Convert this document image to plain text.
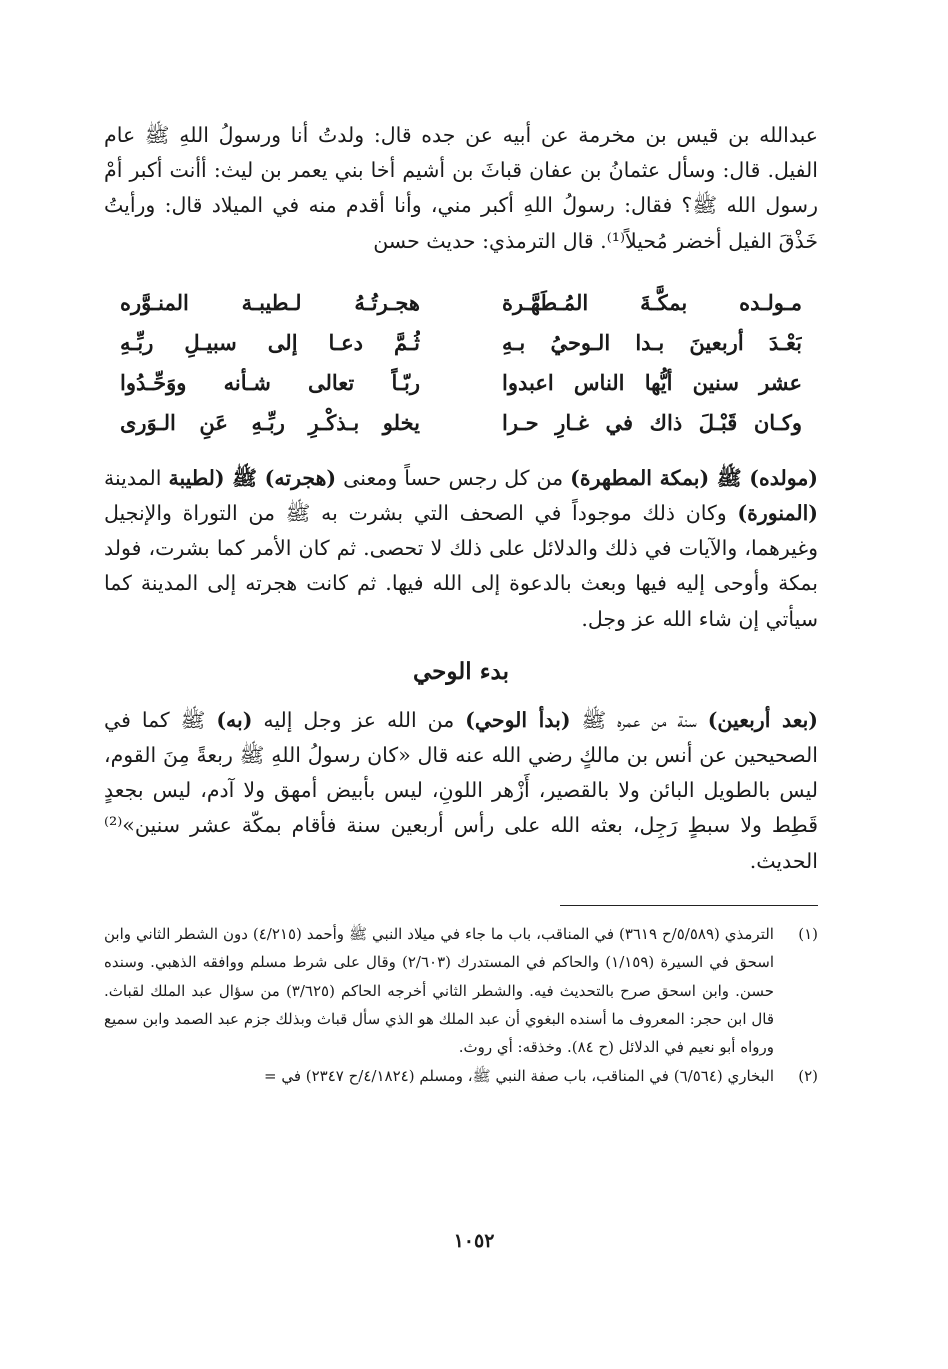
عبدالله بن قيس بن مخرمة عن أبيه عن جده قال: ولدتُ أنا ورسولُ اللهِ ﷺ عام الفيل. قال: وسأل عثمانُ بن عفان قباثَ بن أشيم أخا بني يعمر بن ليث: أأنت أكبر أمْ رسول الله ﷺ؟ فقال: رسولُ اللهِ أكبر مني، وأنا أقدم منه في الميلاد قال: ورأيتُ خَذْقَ الفيل أخضر مُحيلاً⁽¹⁾. قال الترمذي: حديث حسن

مـولـده بمكَّـةَ المُـطَهَّـرة
هجـرتُـهُ لـطيبـة المنـوَّره
بَعْـدَ أربعينَ بـدا الـوحيُ بـهِ
ثُـمَّ دعـا إلى سبيـلِ ربِّـهِ
عشر سنين أيُّها الناس اعبدوا
ربّـاً تعالى شـأنه ووَحِّـدُوا
وكـان قَبْـلَ ذاك في غـارِ حـرا
يخلو بـذكْـرِ ربِّـهِ عَنِ الـوَرى

(مولده) ﷺ (بمكة المطهرة) من كل رجس حساً ومعنى (هجرته) ﷺ (لطيبة المدينة (المنورة) وكان ذلك موجوداً في الصحف التي بشرت به ﷺ من التوراة والإنجيل وغيرهما، والآيات في ذلك والدلائل على ذلك لا تحصى. ثم كان الأمر كما بشرت، فولد بمكة وأوحى إليه فيها وبعث بالدعوة إلى الله فيها. ثم كانت هجرته إلى المدينة كما سيأتي إن شاء الله عز وجل.

بدء الوحي

(بعد أربعين) سنة من عمره ﷺ (بدأ الوحي) من الله عز وجل إليه (به) ﷺ كما في الصحيحين عن أنس بن مالكٍ رضي الله عنه قال «كان رسولُ اللهِ ﷺ ربعةً مِنَ القوم، ليس بالطويل البائن ولا بالقصير، أَزْهر اللونِ، ليس بأبيض أمهق ولا آدم، ليس بجعدٍ قَطِط ولا سبطٍ رَجِل، بعثه الله على رأس أربعين سنة فأقام بمكّة عشر سنين»⁽²⁾ الحديث.

(١)
الترمذي (٥/٥٨٩/ح ٣٦١٩) في المناقب، باب ما جاء في ميلاد النبي ﷺ وأحمد (٤/٢١٥) دون الشطر الثاني وابن اسحق في السيرة (١/١٥٩) والحاكم في المستدرك (٢/٦٠٣) وقال على شرط مسلم ووافقه الذهبي. وسنده حسن. وابن اسحق صرح بالتحديث فيه. والشطر الثاني أخرجه الحاكم (٣/٦٢٥) من سؤال عبد الملك لقباث. قال ابن حجر: المعروف ما أسنده البغوي أن عبد الملك هو الذي سأل قباث وبذلك جزم عبد الصمد وابن سميع ورواه أبو نعيم في الدلائل (ح ٨٤). وخذقه: أي روث.
(٢)
البخاري (٦/٥٦٤) في المناقب، باب صفة النبي ﷺ، ومسلم (٤/١٨٢٤/ح ٢٣٤٧) في =
١٠٥٢
